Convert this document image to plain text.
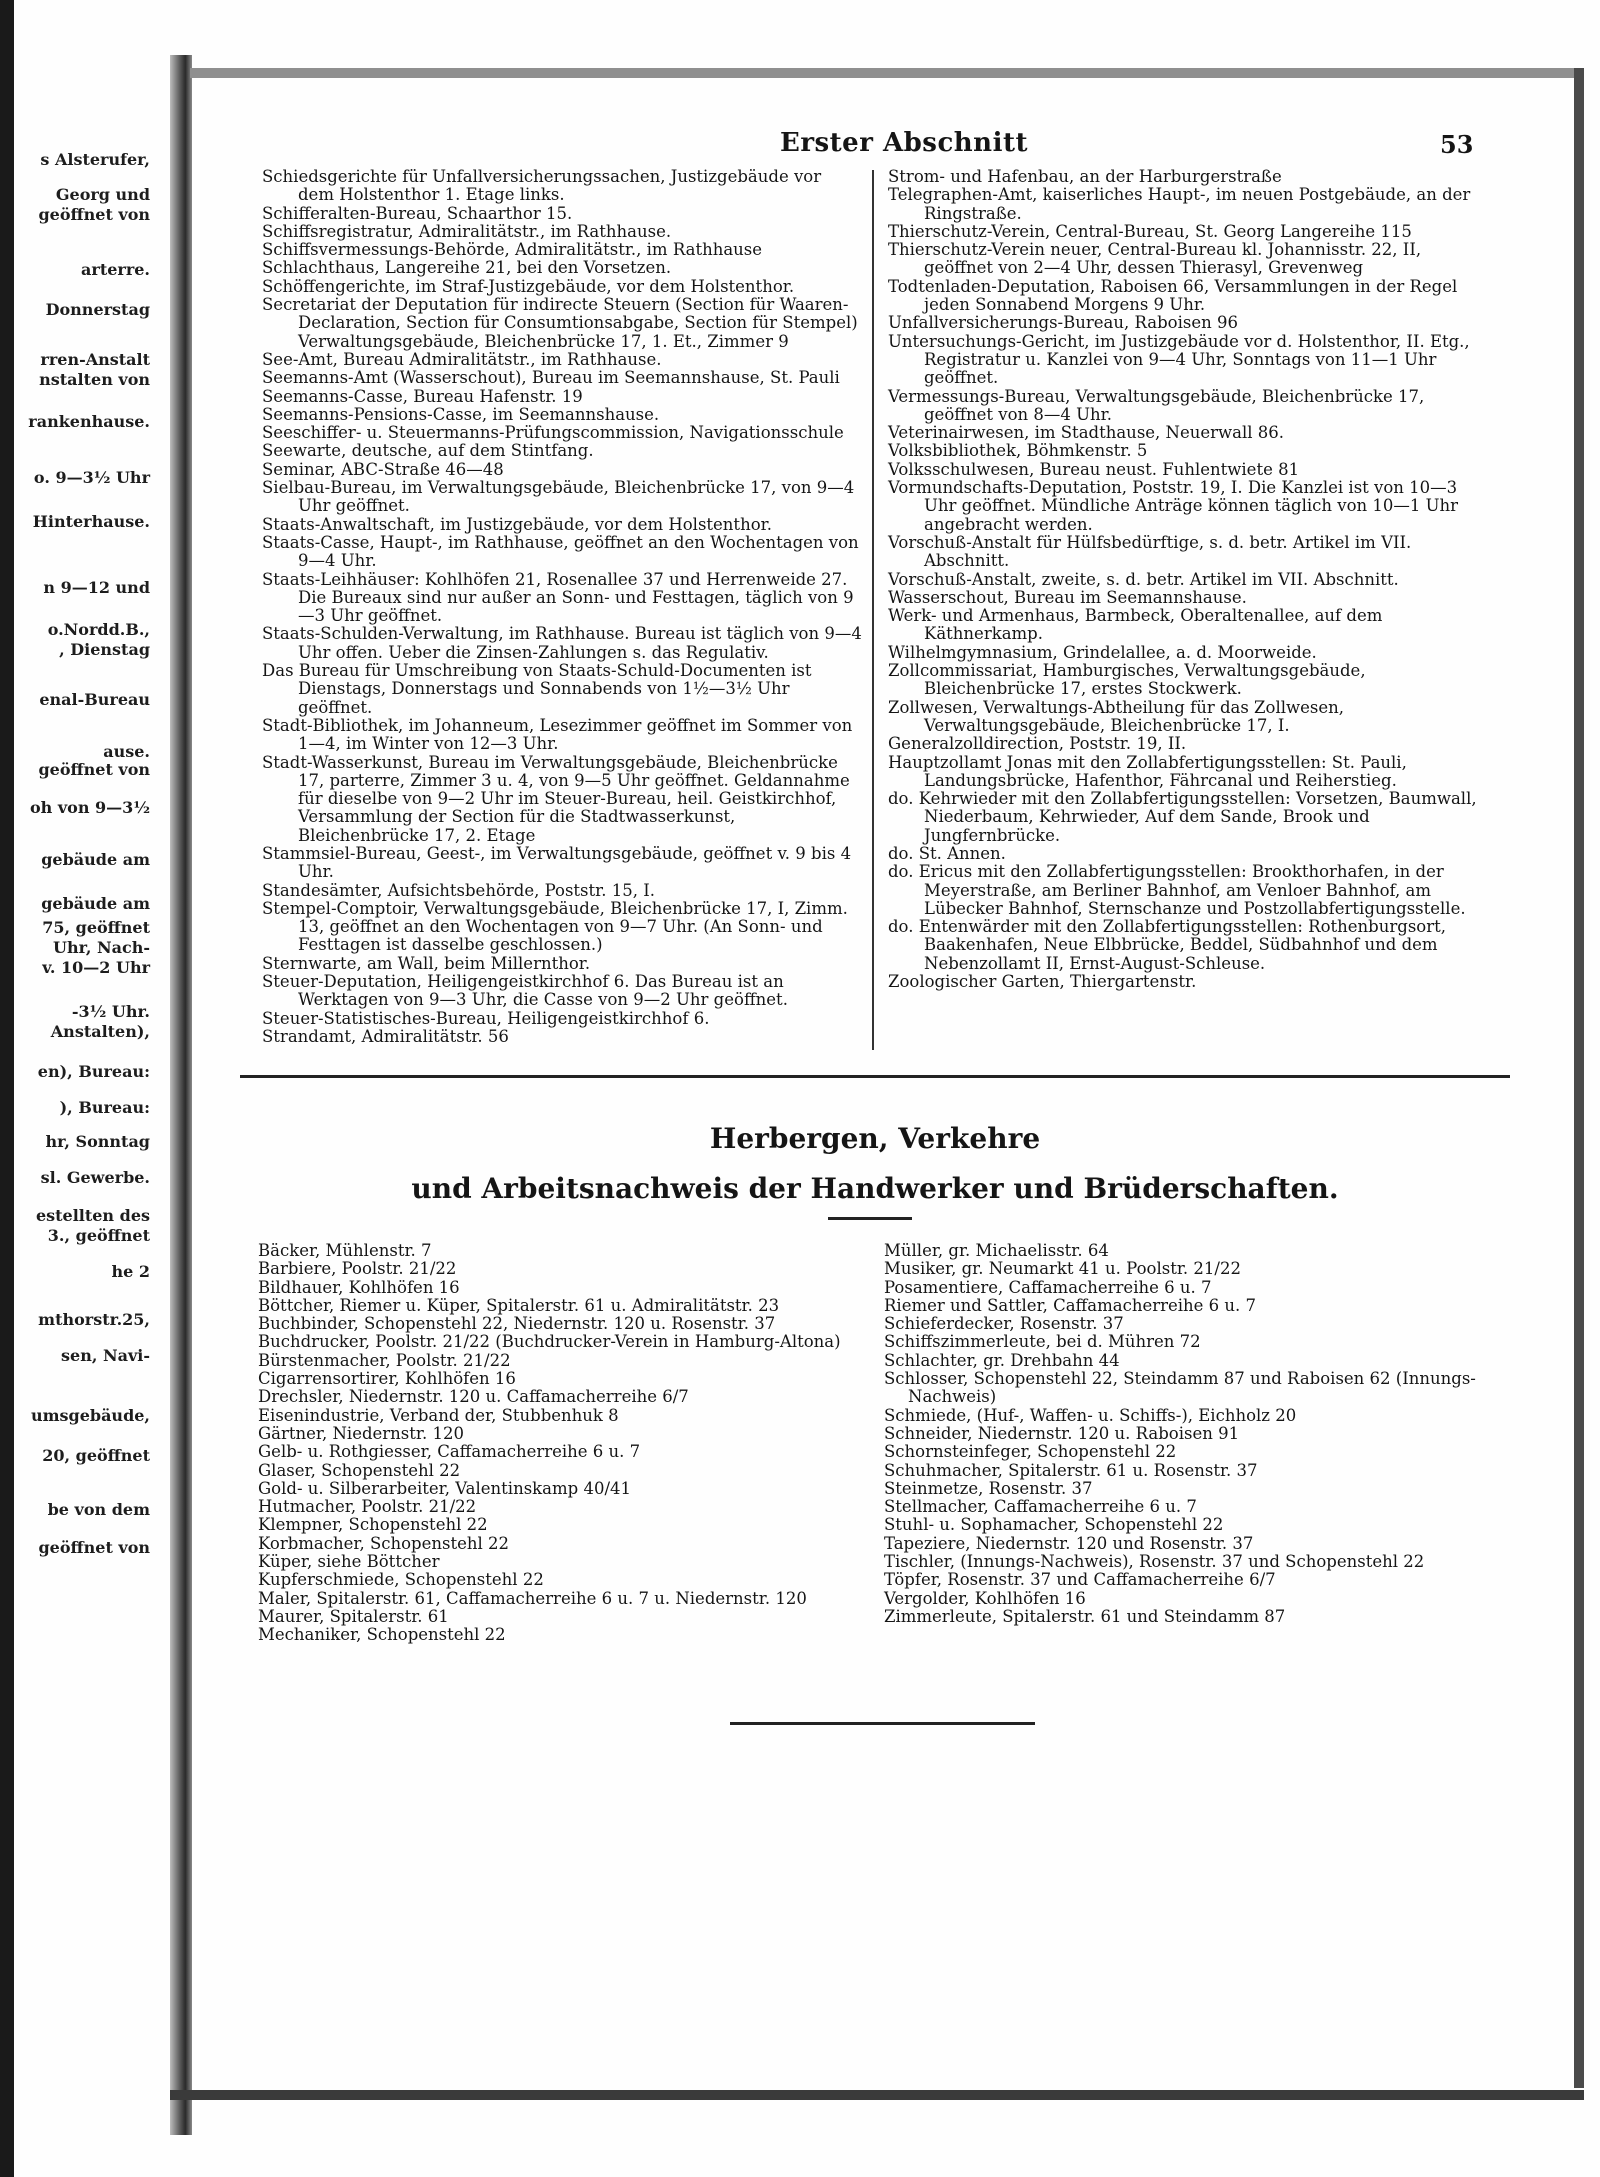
s Alsterufer,
Georg und
geöffnet von
arterre.
Donnerstag
rren-Anstalt
nstalten von
rankenhause.
o. 9—3½ Uhr
Hinterhause.
n 9—12 und
o.Nordd.B.,
, Dienstag
enal-Bureau
ause.
geöffnet von
oh von 9—3½
gebäude am
gebäude am
75, geöffnet
Uhr, Nach-
v. 10—2 Uhr
-3½ Uhr.
Anstalten),
en), Bureau:
), Bureau:
hr, Sonntag
sl. Gewerbe.
estellten des
3., geöffnet
he 2
mthorstr.25,
sen, Navi-
umsgebäude,
20, geöffnet
be von dem
geöffnet von
Erster Abschnitt	53

Schiedsgerichte für Unfallversicherungssachen, Justizgebäude vor dem Holstenthor 1. Etage links.

Schifferalten-Bureau, Schaarthor 15.

Schiffsregistratur, Admiralitätstr., im Rathhause.

Schiffsvermessungs-Behörde, Admiralitätstr., im Rathhause

Schlachthaus, Langereihe 21, bei den Vorsetzen.

Schöffengerichte, im Straf-Justizgebäude, vor dem Holstenthor.

Secretariat der Deputation für indirecte Steuern (Section für Waaren-Declaration, Section für Consumtionsabgabe, Section für Stempel) Verwaltungsgebäude, Bleichenbrücke 17, 1. Et., Zimmer 9

See-Amt, Bureau Admiralitätstr., im Rathhause.

Seemanns-Amt (Wasserschout), Bureau im Seemannshause, St. Pauli

Seemanns-Casse, Bureau Hafenstr. 19

Seemanns-Pensions-Casse, im Seemannshause.

Seeschiffer- u. Steuermanns-Prüfungscommission, Navigationsschule

Seewarte, deutsche, auf dem Stintfang.

Seminar, ABC-Straße 46—48

Sielbau-Bureau, im Verwaltungsgebäude, Bleichenbrücke 17, von 9—4 Uhr geöffnet.

Staats-Anwaltschaft, im Justizgebäude, vor dem Holstenthor.

Staats-Casse, Haupt-, im Rathhause, geöffnet an den Wochentagen von 9—4 Uhr.

Staats-Leihhäuser: Kohlhöfen 21, Rosenallee 37 und Herrenweide 27. Die Bureaux sind nur außer an Sonn- und Festtagen, täglich von 9—3 Uhr geöffnet.

Staats-Schulden-Verwaltung, im Rathhause. Bureau ist täglich von 9—4 Uhr offen. Ueber die Zinsen-Zahlungen s. das Regulativ.

Das Bureau für Umschreibung von Staats-Schuld-Documenten ist Dienstags, Donnerstags und Sonnabends von 1½—3½ Uhr geöffnet.

Stadt-Bibliothek, im Johanneum, Lesezimmer geöffnet im Sommer von 1—4, im Winter von 12—3 Uhr.

Stadt-Wasserkunst, Bureau im Verwaltungsgebäude, Bleichenbrücke 17, parterre, Zimmer 3 u. 4, von 9—5 Uhr geöffnet. Geldannahme für dieselbe von 9—2 Uhr im Steuer-Bureau, heil. Geistkirchhof, Versammlung der Section für die Stadtwasserkunst, Bleichenbrücke 17, 2. Etage

Stammsiel-Bureau, Geest-, im Verwaltungsgebäude, geöffnet v. 9 bis 4 Uhr.

Standesämter, Aufsichtsbehörde, Poststr. 15, I.

Stempel-Comptoir, Verwaltungsgebäude, Bleichenbrücke 17, I, Zimm. 13, geöffnet an den Wochentagen von 9—7 Uhr. (An Sonn- und Festtagen ist dasselbe geschlossen.)

Sternwarte, am Wall, beim Millernthor.

Steuer-Deputation, Heiligengeistkirchhof 6. Das Bureau ist an Werktagen von 9—3 Uhr, die Casse von 9—2 Uhr geöffnet.

Steuer-Statistisches-Bureau, Heiligengeistkirchhof 6.

Strandamt, Admiralitätstr. 56

Strom- und Hafenbau, an der Harburgerstraße

Telegraphen-Amt, kaiserliches Haupt-, im neuen Postgebäude, an der Ringstraße.

Thierschutz-Verein, Central-Bureau, St. Georg Langereihe 115

Thierschutz-Verein neuer, Central-Bureau kl. Johannisstr. 22, II, geöffnet von 2—4 Uhr, dessen Thierasyl, Grevenweg

Todtenladen-Deputation, Raboisen 66, Versammlungen in der Regel jeden Sonnabend Morgens 9 Uhr.

Unfallversicherungs-Bureau, Raboisen 96

Untersuchungs-Gericht, im Justizgebäude vor d. Holstenthor, II. Etg., Registratur u. Kanzlei von 9—4 Uhr, Sonntags von 11—1 Uhr geöffnet.

Vermessungs-Bureau, Verwaltungsgebäude, Bleichenbrücke 17, geöffnet von 8—4 Uhr.

Veterinairwesen, im Stadthause, Neuerwall 86.

Volksbibliothek, Böhmkenstr. 5

Volksschulwesen, Bureau neust. Fuhlentwiete 81

Vormundschafts-Deputation, Poststr. 19, I. Die Kanzlei ist von 10—3 Uhr geöffnet. Mündliche Anträge können täglich von 10—1 Uhr angebracht werden.

Vorschuß-Anstalt für Hülfsbedürftige, s. d. betr. Artikel im VII. Abschnitt.

Vorschuß-Anstalt, zweite, s. d. betr. Artikel im VII. Abschnitt.

Wasserschout, Bureau im Seemannshause.

Werk- und Armenhaus, Barmbeck, Oberaltenallee, auf dem Käthnerkamp.

Wilhelmgymnasium, Grindelallee, a. d. Moorweide.

Zollcommissariat, Hamburgisches, Verwaltungsgebäude, Bleichenbrücke 17, erstes Stockwerk.

Zollwesen, Verwaltungs-Abtheilung für das Zollwesen, Verwaltungsgebäude, Bleichenbrücke 17, I.

Generalzolldirection, Poststr. 19, II.

Hauptzollamt Jonas mit den Zollabfertigungsstellen: St. Pauli, Landungsbrücke, Hafenthor, Fährcanal und Reiherstieg.

do. Kehrwieder mit den Zollabfertigungsstellen: Vorsetzen, Baumwall, Niederbaum, Kehrwieder, Auf dem Sande, Brook und Jungfernbrücke.

do. St. Annen.

do. Ericus mit den Zollabfertigungsstellen: Brookthorhafen, in der Meyerstraße, am Berliner Bahnhof, am Venloer Bahnhof, am Lübecker Bahnhof, Sternschanze und Postzollabfertigungsstelle.

do. Entenwärder mit den Zollabfertigungsstellen: Rothenburgsort, Baakenhafen, Neue Elbbrücke, Beddel, Südbahnhof und dem Nebenzollamt II, Ernst-August-Schleuse.

Zoologischer Garten, Thiergartenstr.

Herbergen, Verkehre
und Arbeitsnachweis der Handwerker und Brüderschaften.

Bäcker, Mühlenstr. 7

Barbiere, Poolstr. 21/22

Bildhauer, Kohlhöfen 16

Böttcher, Riemer u. Küper, Spitalerstr. 61 u. Admiralitätstr. 23

Buchbinder, Schopenstehl 22, Niedernstr. 120 u. Rosenstr. 37

Buchdrucker, Poolstr. 21/22 (Buchdrucker-Verein in Hamburg-Altona)

Bürstenmacher, Poolstr. 21/22

Cigarrensortirer, Kohlhöfen 16

Drechsler, Niedernstr. 120 u. Caffamacherreihe 6/7

Eisenindustrie, Verband der, Stubbenhuk 8

Gärtner, Niedernstr. 120

Gelb- u. Rothgiesser, Caffamacherreihe 6 u. 7

Glaser, Schopenstehl 22

Gold- u. Silberarbeiter, Valentinskamp 40/41

Hutmacher, Poolstr. 21/22

Klempner, Schopenstehl 22

Korbmacher, Schopenstehl 22

Küper, siehe Böttcher

Kupferschmiede, Schopenstehl 22

Maler, Spitalerstr. 61, Caffamacherreihe 6 u. 7 u. Niedernstr. 120

Maurer, Spitalerstr. 61

Mechaniker, Schopenstehl 22

Müller, gr. Michaelisstr. 64

Musiker, gr. Neumarkt 41 u. Poolstr. 21/22

Posamentiere, Caffamacherreihe 6 u. 7

Riemer und Sattler, Caffamacherreihe 6 u. 7

Schieferdecker, Rosenstr. 37

Schiffszimmerleute, bei d. Mühren 72

Schlachter, gr. Drehbahn 44

Schlosser, Schopenstehl 22, Steindamm 87 und Raboisen 62 (Innungs-Nachweis)

Schmiede, (Huf-, Waffen- u. Schiffs-), Eichholz 20

Schneider, Niedernstr. 120 u. Raboisen 91

Schornsteinfeger, Schopenstehl 22

Schuhmacher, Spitalerstr. 61 u. Rosenstr. 37

Steinmetze, Rosenstr. 37

Stellmacher, Caffamacherreihe 6 u. 7

Stuhl- u. Sophamacher, Schopenstehl 22

Tapeziere, Niedernstr. 120 und Rosenstr. 37

Tischler, (Innungs-Nachweis), Rosenstr. 37 und Schopenstehl 22

Töpfer, Rosenstr. 37 und Caffamacherreihe 6/7

Vergolder, Kohlhöfen 16

Zimmerleute, Spitalerstr. 61 und Steindamm 87
